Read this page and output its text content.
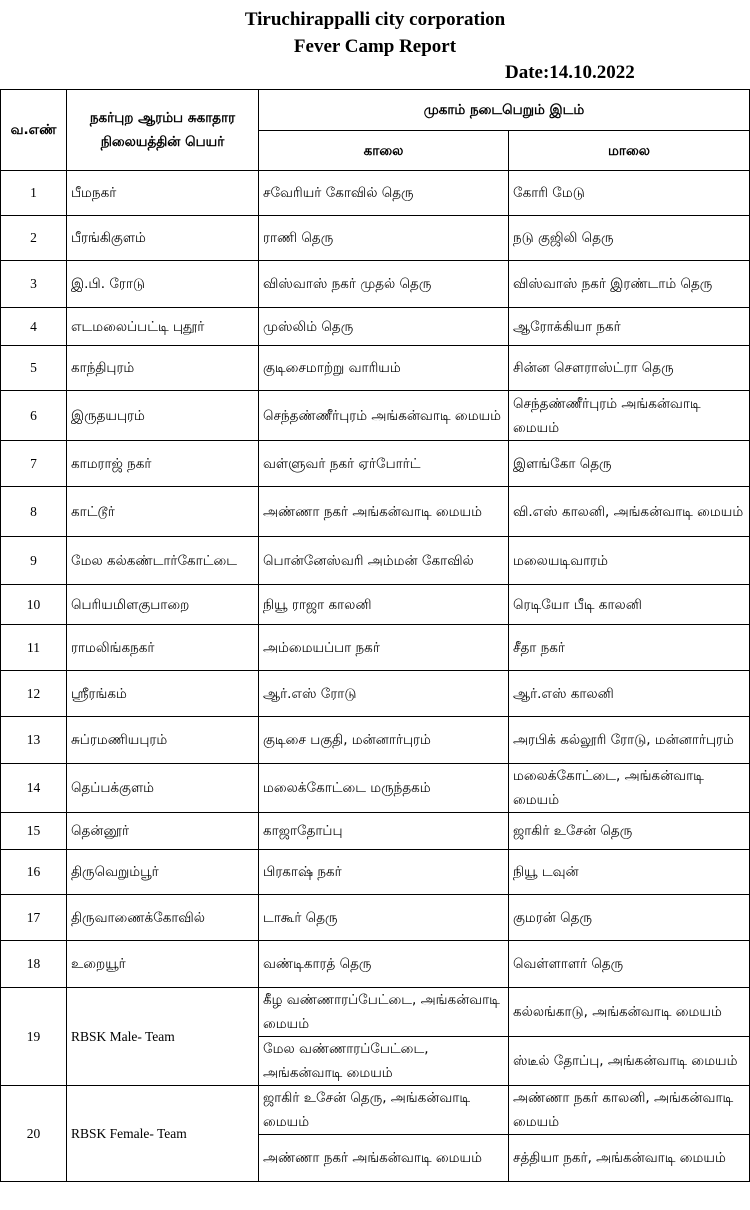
Tiruchirappalli city corporation
Fever Camp Report
Date:14.10.2022
வ.எண்	நகர்புற ஆரம்ப சுகாதார நிலையத்தின் பெயர்	முகாம் நடைபெறும் இடம்	
		காலை	மாலை
1	பீமநகர்	சவேரியர் கோவில் தெரு	கோரி மேடு
2	பீரங்கிகுளம்	ராணி தெரு	நடு குஜிலி தெரு
3	இ.பி. ரோடு	விஸ்வாஸ் நகர் முதல் தெரு	விஸ்வாஸ் நகர் இரண்டாம் தெரு
4	எடமலைப்பட்டி புதூர்	முஸ்லிம் தெரு	ஆரோக்கியா நகர்
5	காந்திபுரம்	குடிசைமாற்று வாரியம்	சின்ன சௌராஸ்ட்ரா தெரு
6	இருதயபுரம்	செந்தண்ணீர்புரம் அங்கன்வாடி மையம்	செந்தண்ணீர்புரம் அங்கன்வாடி மையம்
7	காமராஜ் நகர்	வள்ளுவர் நகர் ஏர்போர்ட்	இளங்கோ தெரு
8	காட்டூர்	அண்ணா நகர் அங்கன்வாடி மையம்	வி.எஸ் காலனி, அங்கன்வாடி மையம்
9	மேல கல்கண்டார்கோட்டை	பொன்னேஸ்வரி அம்மன் கோவில்	மலையடிவாரம்
10	பெரியமிளகுபாறை	நியூ ராஜா காலனி	ரெடியோ பீடி காலனி
11	ராமலிங்கநகர்	அம்மையப்பா நகர்	சீதா நகர்
12	ஸ்ரீரங்கம்	ஆர்.எஸ் ரோடு	ஆர்.எஸ் காலனி
13	சுப்ரமணியபுரம்	குடிசை பகுதி, மன்னார்புரம்	அரபிக் கல்லூரி ரோடு, மன்னார்புரம்
14	தெப்பக்குளம்	மலைக்கோட்டை மருந்தகம்	மலைக்கோட்டை, அங்கன்வாடி மையம்
15	தென்னூர்	காஜாதோப்பு	ஜாகிர் உசேன் தெரு
16	திருவெறும்பூர்	பிரகாஷ் நகர்	நியூ டவுன்
17	திருவாணைக்கோவில்	டாகூர் தெரு	குமரன் தெரு
18	உறையூர்	வண்டிகாரத் தெரு	வெள்ளாளர் தெரு
19	RBSK Male- Team	கீழ வண்ணாரப்பேட்டை, அங்கன்வாடி மையம்	கல்லங்காடு, அங்கன்வாடி மையம்
		மேல வண்ணாரப்பேட்டை, அங்கன்வாடி மையம்	ஸ்டீல் தோப்பு, அங்கன்வாடி மையம்
20	RBSK Female- Team	ஜாகிர் உசேன் தெரு, அங்கன்வாடி மையம்	அண்ணா நகர் காலனி, அங்கன்வாடி மையம்
		அண்ணா நகர் அங்கன்வாடி மையம்	சத்தியா நகர், அங்கன்வாடி மையம்
